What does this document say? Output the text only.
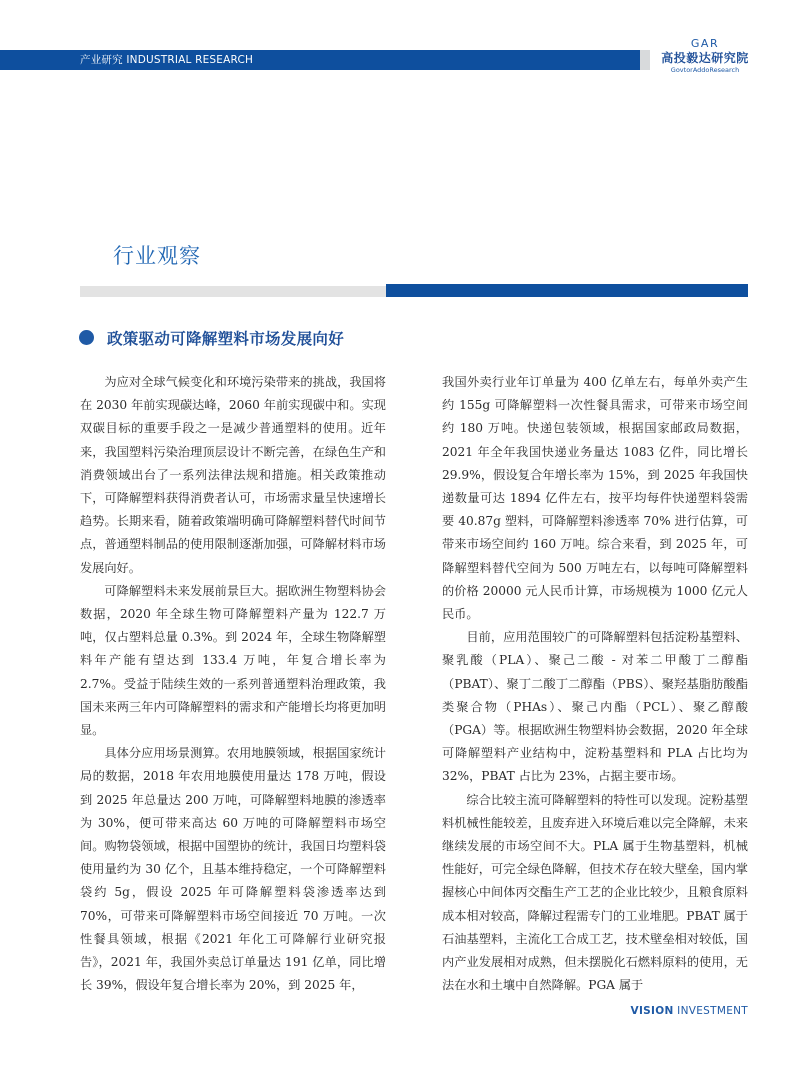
产业研究 INDUSTRIAL RESEARCH
GAR
高投毅达研究院
GovtorAddoResearch
行业观察
政策驱动可降解塑料市场发展向好

为应对全球气候变化和环境污染带来的挑战，我国将在 2030 年前实现碳达峰，2060 年前实现碳中和。实现双碳目标的重要手段之一是减少普通塑料的使用。近年来，我国塑料污染治理顶层设计不断完善，在绿色生产和消费领域出台了一系列法律法规和措施。相关政策推动下，可降解塑料获得消费者认可，市场需求量呈快速增长趋势。长期来看，随着政策端明确可降解塑料替代时间节点，普通塑料制品的使用限制逐渐加强，可降解材料市场发展向好。

可降解塑料未来发展前景巨大。据欧洲生物塑料协会数据，2020 年全球生物可降解塑料产量为 122.7 万吨，仅占塑料总量 0.3%。到 2024 年，全球生物降解塑料年产能有望达到 133.4 万吨，年复合增长率为 2.7%。受益于陆续生效的一系列普通塑料治理政策，我国未来两三年内可降解塑料的需求和产能增长均将更加明显。

具体分应用场景测算。农用地膜领域，根据国家统计局的数据，2018 年农用地膜使用量达 178 万吨，假设到 2025 年总量达 200 万吨，可降解塑料地膜的渗透率为 30%，便可带来高达 60 万吨的可降解塑料市场空间。购物袋领域，根据中国塑协的统计，我国日均塑料袋使用量约为 30 亿个，且基本维持稳定，一个可降解塑料袋约 5g，假设 2025 年可降解塑料袋渗透率达到 70%，可带来可降解塑料市场空间接近 70 万吨。一次性餐具领域，根据《2021 年化工可降解行业研究报告》，2021 年，我国外卖总订单量达 191 亿单，同比增长 39%，假设年复合增长率为 20%，到 2025 年，

我国外卖行业年订单量为 400 亿单左右，每单外卖产生约 155g 可降解塑料一次性餐具需求，可带来市场空间约 180 万吨。快递包装领域，根据国家邮政局数据，2021 年全年我国快递业务量达 1083 亿件，同比增长 29.9%，假设复合年增长率为 15%，到 2025 年我国快递数量可达 1894 亿件左右，按平均每件快递塑料袋需要 40.87g 塑料，可降解塑料渗透率 70% 进行估算，可带来市场空间约 160 万吨。综合来看，到 2025 年，可降解塑料替代空间为 500 万吨左右，以每吨可降解塑料的价格 20000 元人民币计算，市场规模为 1000 亿元人民币。

目前，应用范围较广的可降解塑料包括淀粉基塑料、聚乳酸（PLA）、聚己二酸 - 对苯二甲酸丁二醇酯（PBAT）、聚丁二酸丁二醇酯（PBS）、聚羟基脂肪酸酯类聚合物（PHAs）、聚己内酯（PCL）、聚乙醇酸（PGA）等。根据欧洲生物塑料协会数据，2020 年全球可降解塑料产业结构中，淀粉基塑料和 PLA 占比均为 32%，PBAT 占比为 23%，占据主要市场。

综合比较主流可降解塑料的特性可以发现。淀粉基塑料机械性能较差，且废弃进入环境后难以完全降解，未来继续发展的市场空间不大。PLA 属于生物基塑料，机械性能好，可完全绿色降解，但技术存在较大壁垒，国内掌握核心中间体丙交酯生产工艺的企业比较少，且粮食原料成本相对较高，降解过程需专门的工业堆肥。PBAT 属于石油基塑料，主流化工合成工艺，技术壁垒相对较低，国内产业发展相对成熟，但未摆脱化石燃料原料的使用，无法在水和土壤中自然降解。PGA 属于

VISION INVESTMENT
